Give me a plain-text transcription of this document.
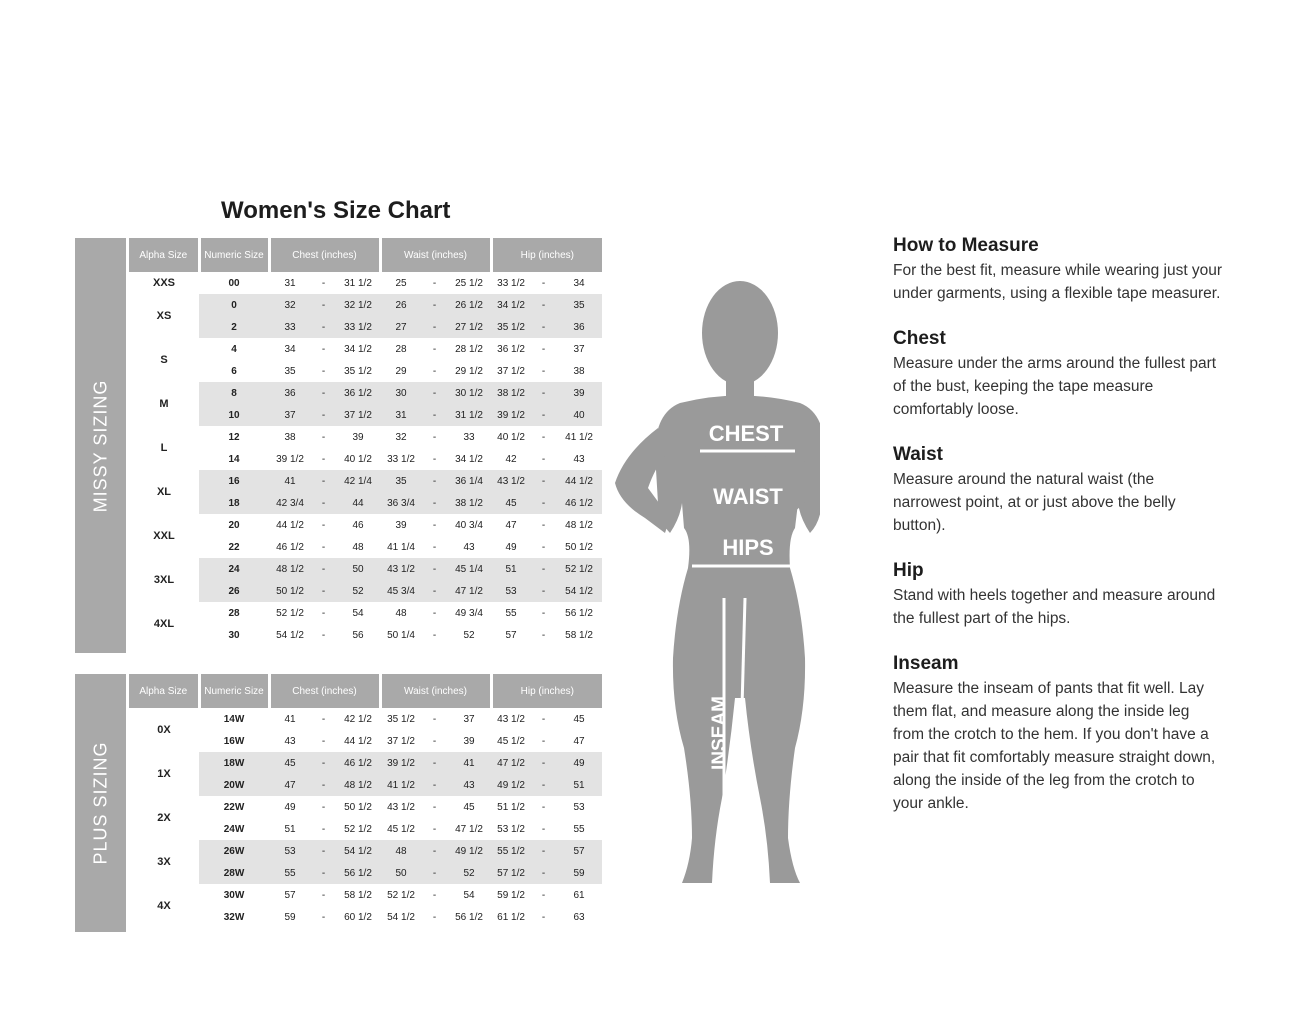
Women's Size Chart
MISSY SIZING
Alpha Size	Numeric Size	Chest (inches)			Waist (inches)			Hip (inches)		
XXS	00	31	-	31 1/2	25	-	25 1/2	33 1/2	-	34
XS	0	32	-	32 1/2	26	-	26 1/2	34 1/2	-	35
	2	33	-	33 1/2	27	-	27 1/2	35 1/2	-	36
S	4	34	-	34 1/2	28	-	28 1/2	36 1/2	-	37
	6	35	-	35 1/2	29	-	29 1/2	37 1/2	-	38
M	8	36	-	36 1/2	30	-	30 1/2	38 1/2	-	39
	10	37	-	37 1/2	31	-	31 1/2	39 1/2	-	40
L	12	38	-	39	32	-	33	40 1/2	-	41 1/2
	14	39 1/2	-	40 1/2	33 1/2	-	34 1/2	42	-	43
XL	16	41	-	42 1/4	35	-	36 1/4	43 1/2	-	44 1/2
	18	42 3/4	-	44	36 3/4	-	38 1/2	45	-	46 1/2
XXL	20	44 1/2	-	46	39	-	40 3/4	47	-	48 1/2
	22	46 1/2	-	48	41 1/4	-	43	49	-	50 1/2
3XL	24	48 1/2	-	50	43 1/2	-	45 1/4	51	-	52 1/2
	26	50 1/2	-	52	45 3/4	-	47 1/2	53	-	54 1/2
4XL	28	52 1/2	-	54	48	-	49 3/4	55	-	56 1/2
	30	54 1/2	-	56	50 1/4	-	52	57	-	58 1/2
PLUS SIZING
Alpha Size	Numeric Size	Chest (inches)			Waist (inches)			Hip (inches)		
0X	14W	41	-	42 1/2	35 1/2	-	37	43 1/2	-	45
	16W	43	-	44 1/2	37 1/2	-	39	45 1/2	-	47
1X	18W	45	-	46 1/2	39 1/2	-	41	47 1/2	-	49
	20W	47	-	48 1/2	41 1/2	-	43	49 1/2	-	51
2X	22W	49	-	50 1/2	43 1/2	-	45	51 1/2	-	53
	24W	51	-	52 1/2	45 1/2	-	47 1/2	53 1/2	-	55
3X	26W	53	-	54 1/2	48	-	49 1/2	55 1/2	-	57
	28W	55	-	56 1/2	50	-	52	57 1/2	-	59
4X	30W	57	-	58 1/2	52 1/2	-	54	59 1/2	-	61
	32W	59	-	60 1/2	54 1/2	-	56 1/2	61 1/2	-	63
CHEST
WAIST
HIPS
INSEAM
How to Measure

For the best fit, measure while wearing just your under garments, using a flexible tape measurer.

Chest

Measure under the arms around the fullest part of the bust, keeping the tape measure comfortably loose.

Waist

Measure around the natural waist (the narrowest point, at or just above the belly button).

Hip

Stand with heels together and measure around the fullest part of the hips.

Inseam

Measure the inseam of pants that fit well. Lay them flat, and measure along the inside leg from the crotch to the hem. If you don't have a pair that fit comfortably measure straight down, along the inside of the leg from the crotch to your ankle.
